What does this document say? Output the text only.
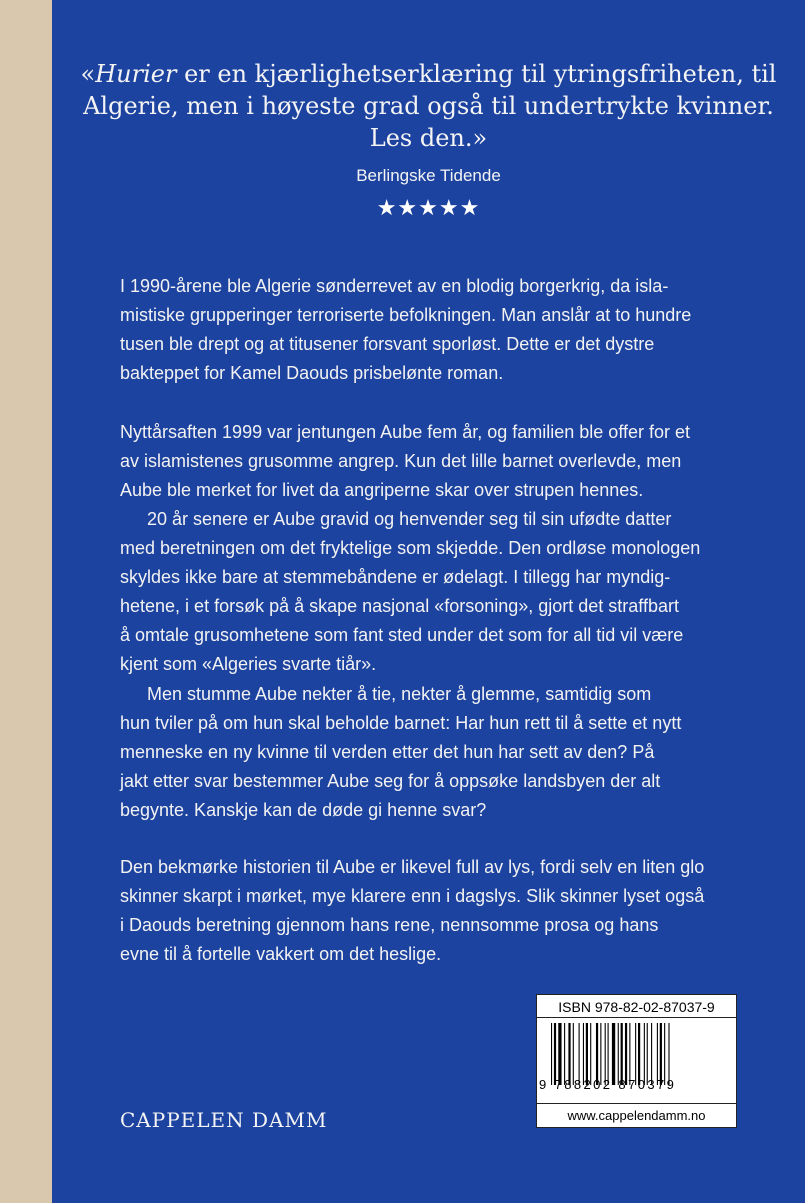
«Hurier er en kjærlighetserklæring til ytringsfriheten, til
Algerie, men i høyeste grad også til undertrykte kvinner.
Les den.»
Berlingske Tidende
★★★★★
I 1990-årene ble Algerie sønderrevet av en blodig borgerkrig, da isla-
mistiske grupperinger terroriserte befolkningen. Man anslår at to hundre
tusen ble drept og at titusener forsvant sporløst. Dette er det dystre
bakteppet for Kamel Daouds prisbelønte roman.
Nyttårsaften 1999 var jentungen Aube fem år, og familien ble offer for et
av islamistenes grusomme angrep. Kun det lille barnet overlevde, men
Aube ble merket for livet da angriperne skar over strupen hennes.
20 år senere er Aube gravid og henvender seg til sin ufødte datter
med beretningen om det fryktelige som skjedde. Den ordløse monologen
skyldes ikke bare at stemmebåndene er ødelagt. I tillegg har myndig-
hetene, i et forsøk på å skape nasjonal «forsoning», gjort det straffbart
å omtale grusomhetene som fant sted under det som for all tid vil være
kjent som «Algeries svarte tiår».
Men stumme Aube nekter å tie, nekter å glemme, samtidig som
hun tviler på om hun skal beholde barnet: Har hun rett til å sette et nytt
menneske en ny kvinne til verden etter det hun har sett av den? På
jakt etter svar bestemmer Aube seg for å oppsøke landsbyen der alt
begynte. Kanskje kan de døde gi henne svar?
Den bekmørke historien til Aube er likevel full av lys, fordi selv en liten glo
skinner skarpt i mørket, mye klarere enn i dagslys. Slik skinner lyset også
i Daouds beretning gjennom hans rene, nennsomme prosa og hans
evne til å fortelle vakkert om det heslige.
ISBN 978-82-02-87037-9
9 788202 870379
www.cappelendamm.no
CAPPELEN DAMM
